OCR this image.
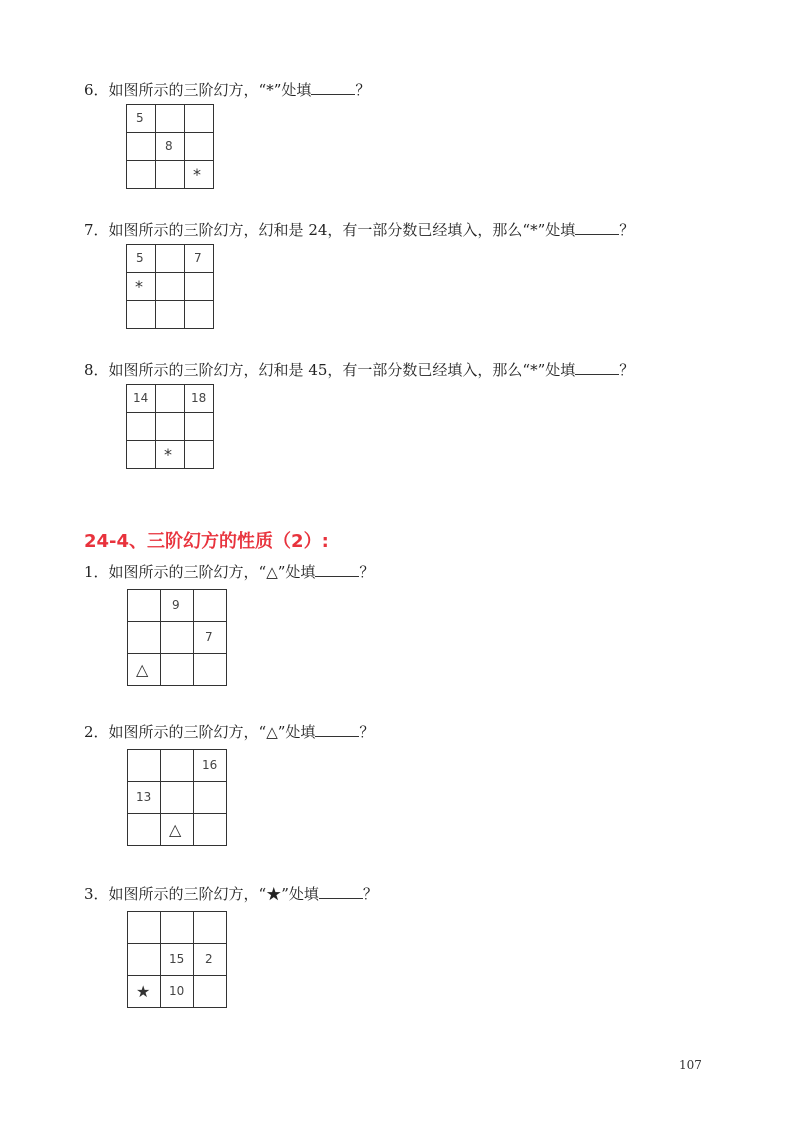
6．如图所示的三阶幻方，“*”处填	？
5		

	8	

		*
7．如图所示的三阶幻方，幻和是 24，有一部分数已经填入，那么“*”处填	？
5		7

*		

8．如图所示的三阶幻方，幻和是 45，有一部分数已经填入，那么“*”处填	？
14		18

	*	

24-4、三阶幻方的性质（2）:
1．如图所示的三阶幻方，“△”处填	？

	9	

		7

△		

2．如图所示的三阶幻方，“△”处填	？

		16

13		

	△	

3．如图所示的三阶幻方，“★”处填	？

	15	2

★	10	

107
